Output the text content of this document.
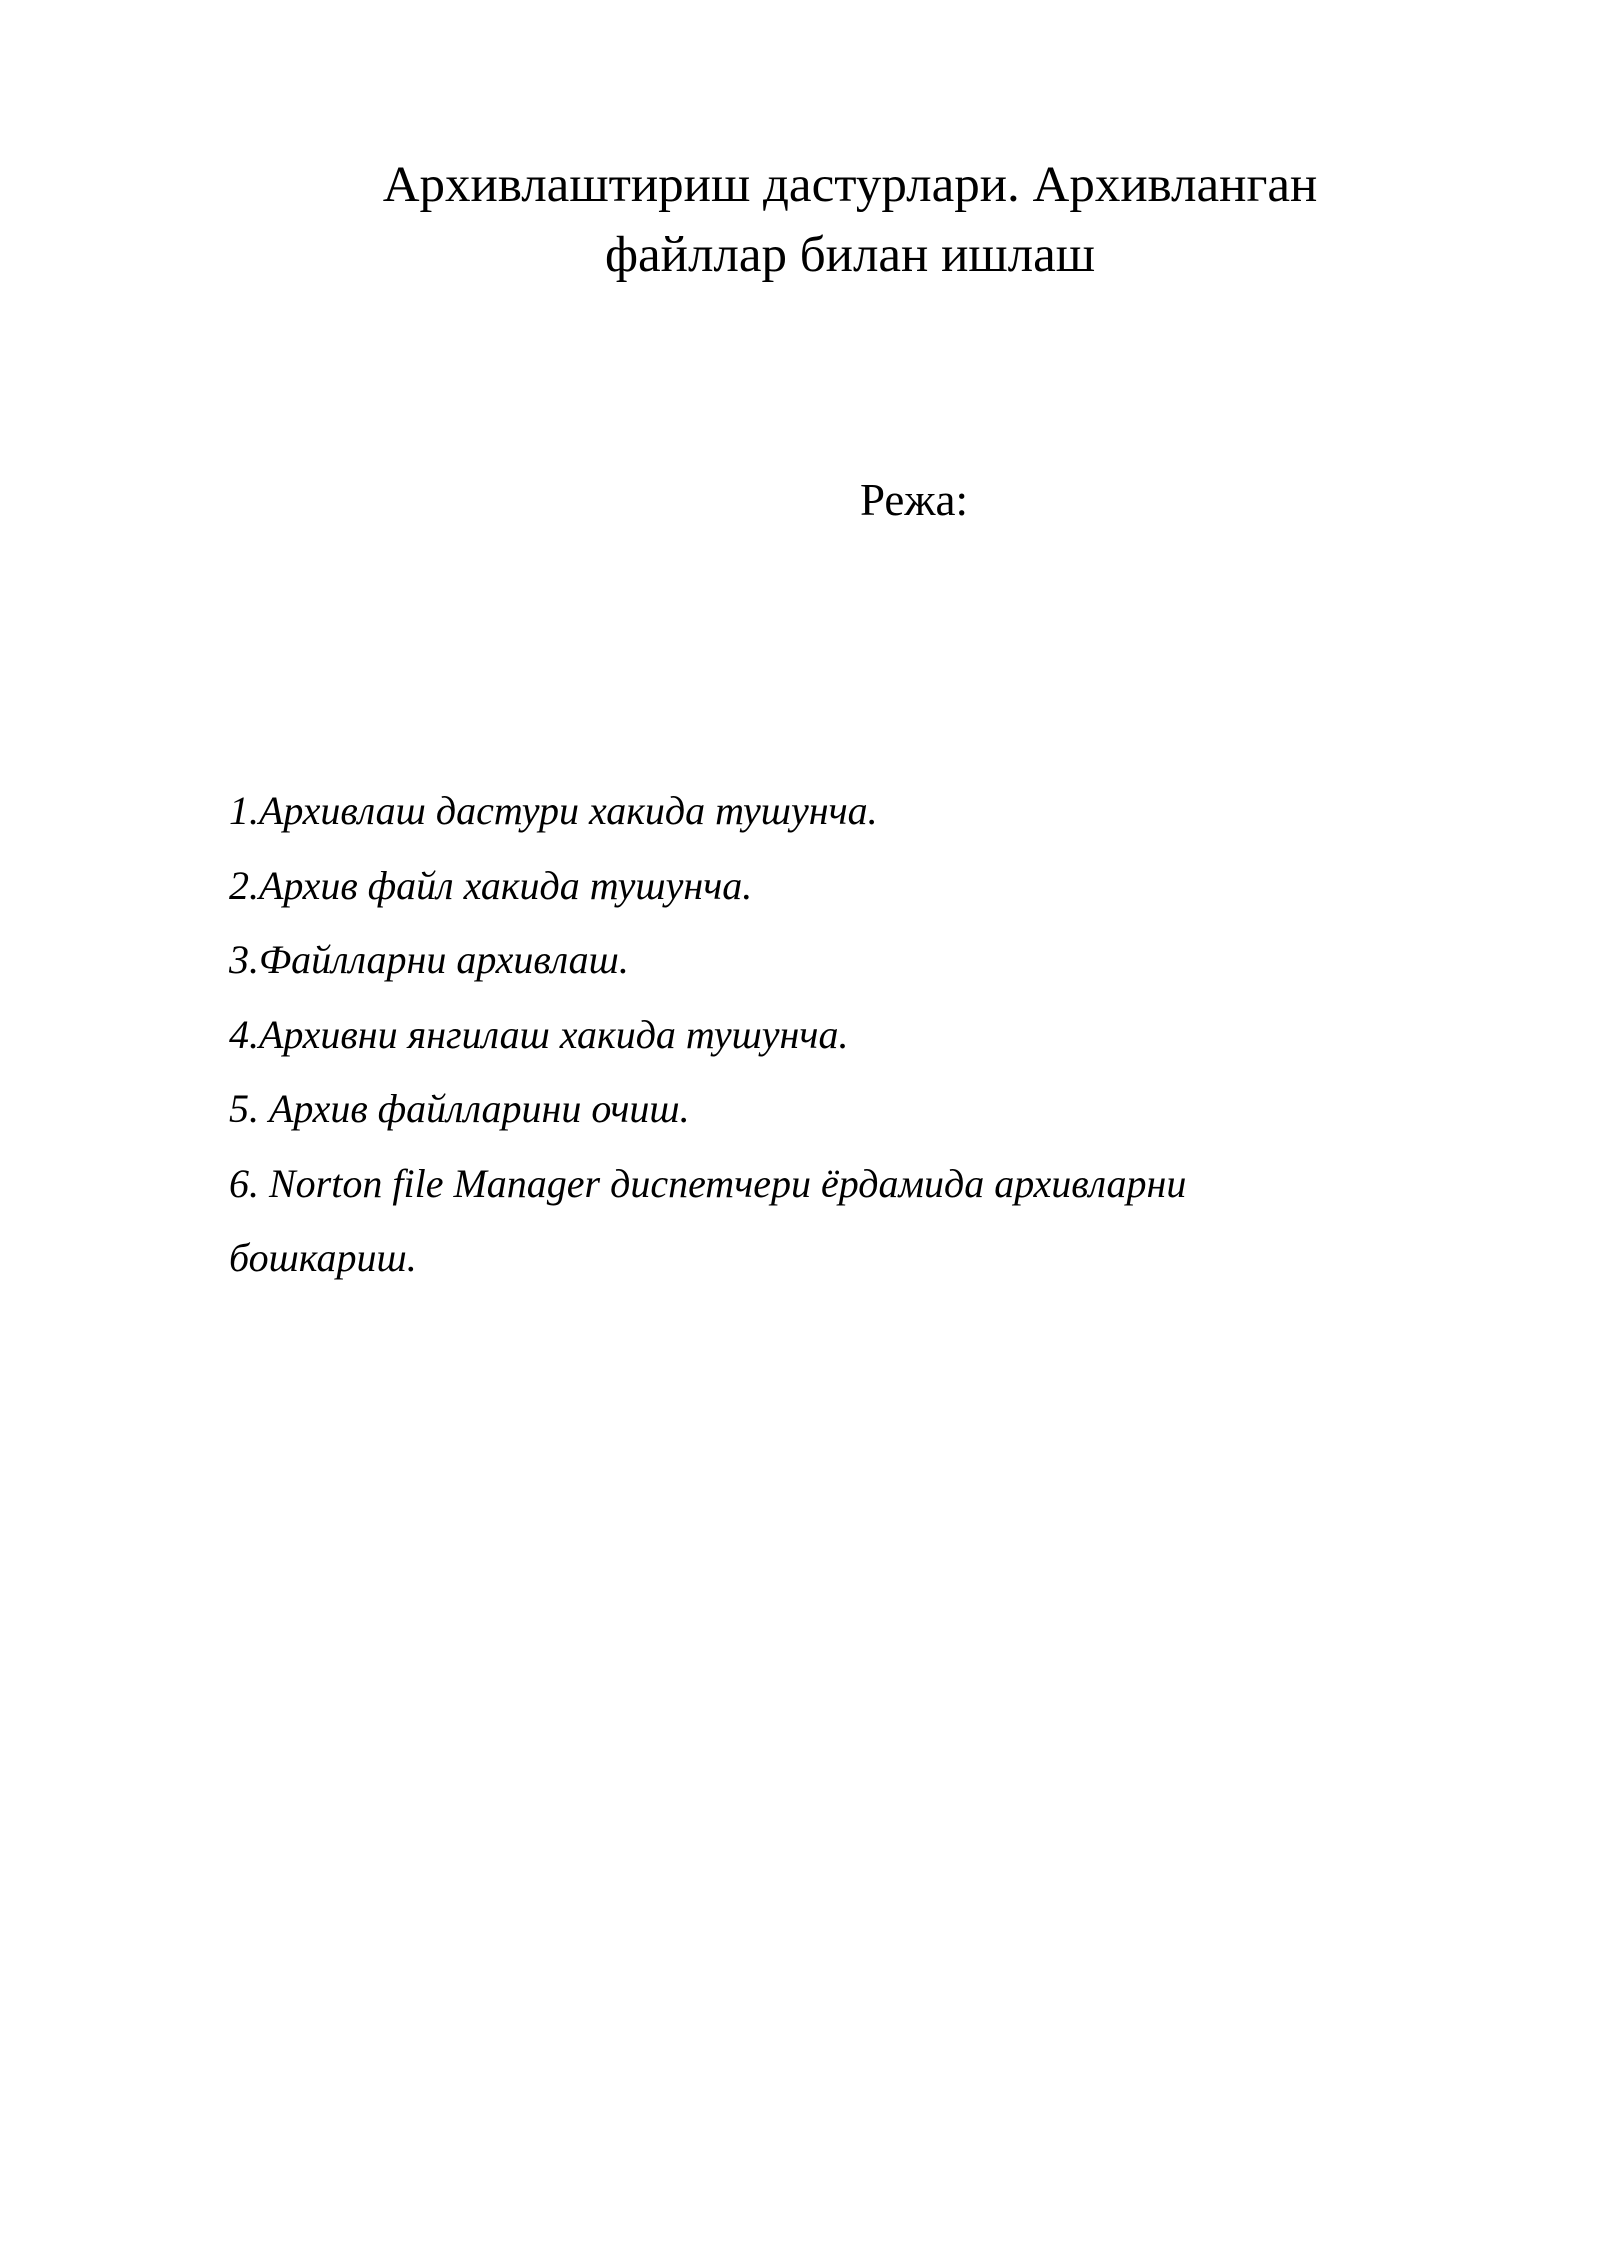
Архивлаштириш дастурлари. Архивланган
файллар билан ишлаш
Режа:
1.Архивлаш дастури хакида тушунча.
2.Архив файл хакида тушунча.
3.Файлларни архивлаш.
4.Архивни янгилаш хакида тушунча.
5. Архив файлларини очиш.
6. Norton file Manager диспетчери ёрдамида архивларни
бошкариш.
